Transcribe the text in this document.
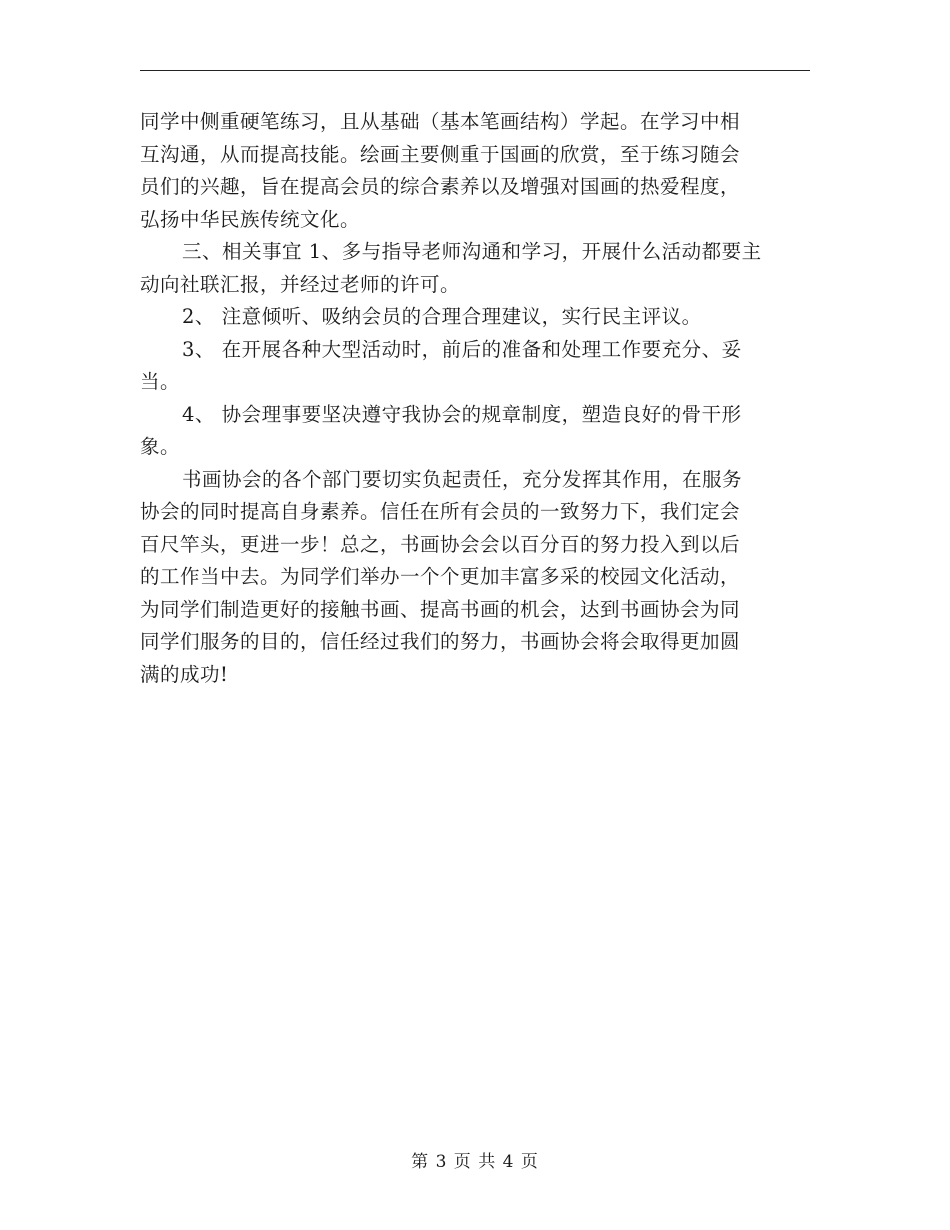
同学中侧重硬笔练习，且从基础（基本笔画结构）学起。在学习中相
互沟通，从而提高技能。绘画主要侧重于国画的欣赏，至于练习随会
员们的兴趣，旨在提高会员的综合素养以及增强对国画的热爱程度，
弘扬中华民族传统文化。
三、相关事宜 1、多与指导老师沟通和学习，开展什么活动都要主
动向社联汇报，并经过老师的许可。
2、 注意倾听、吸纳会员的合理合理建议，实行民主评议。
3、 在开展各种大型活动时，前后的准备和处理工作要充分、妥
当。
4、 协会理事要坚决遵守我协会的规章制度，塑造良好的骨干形
象。
书画协会的各个部门要切实负起责任，充分发挥其作用，在服务
协会的同时提高自身素养。信任在所有会员的一致努力下，我们定会
百尺竿头，更进一步！总之，书画协会会以百分百的努力投入到以后
的工作当中去。为同学们举办一个个更加丰富多采的校园文化活动，
为同学们制造更好的接触书画、提高书画的机会，达到书画协会为同
同学们服务的目的，信任经过我们的努力，书画协会将会取得更加圆
满的成功!
第 3 页 共 4 页
